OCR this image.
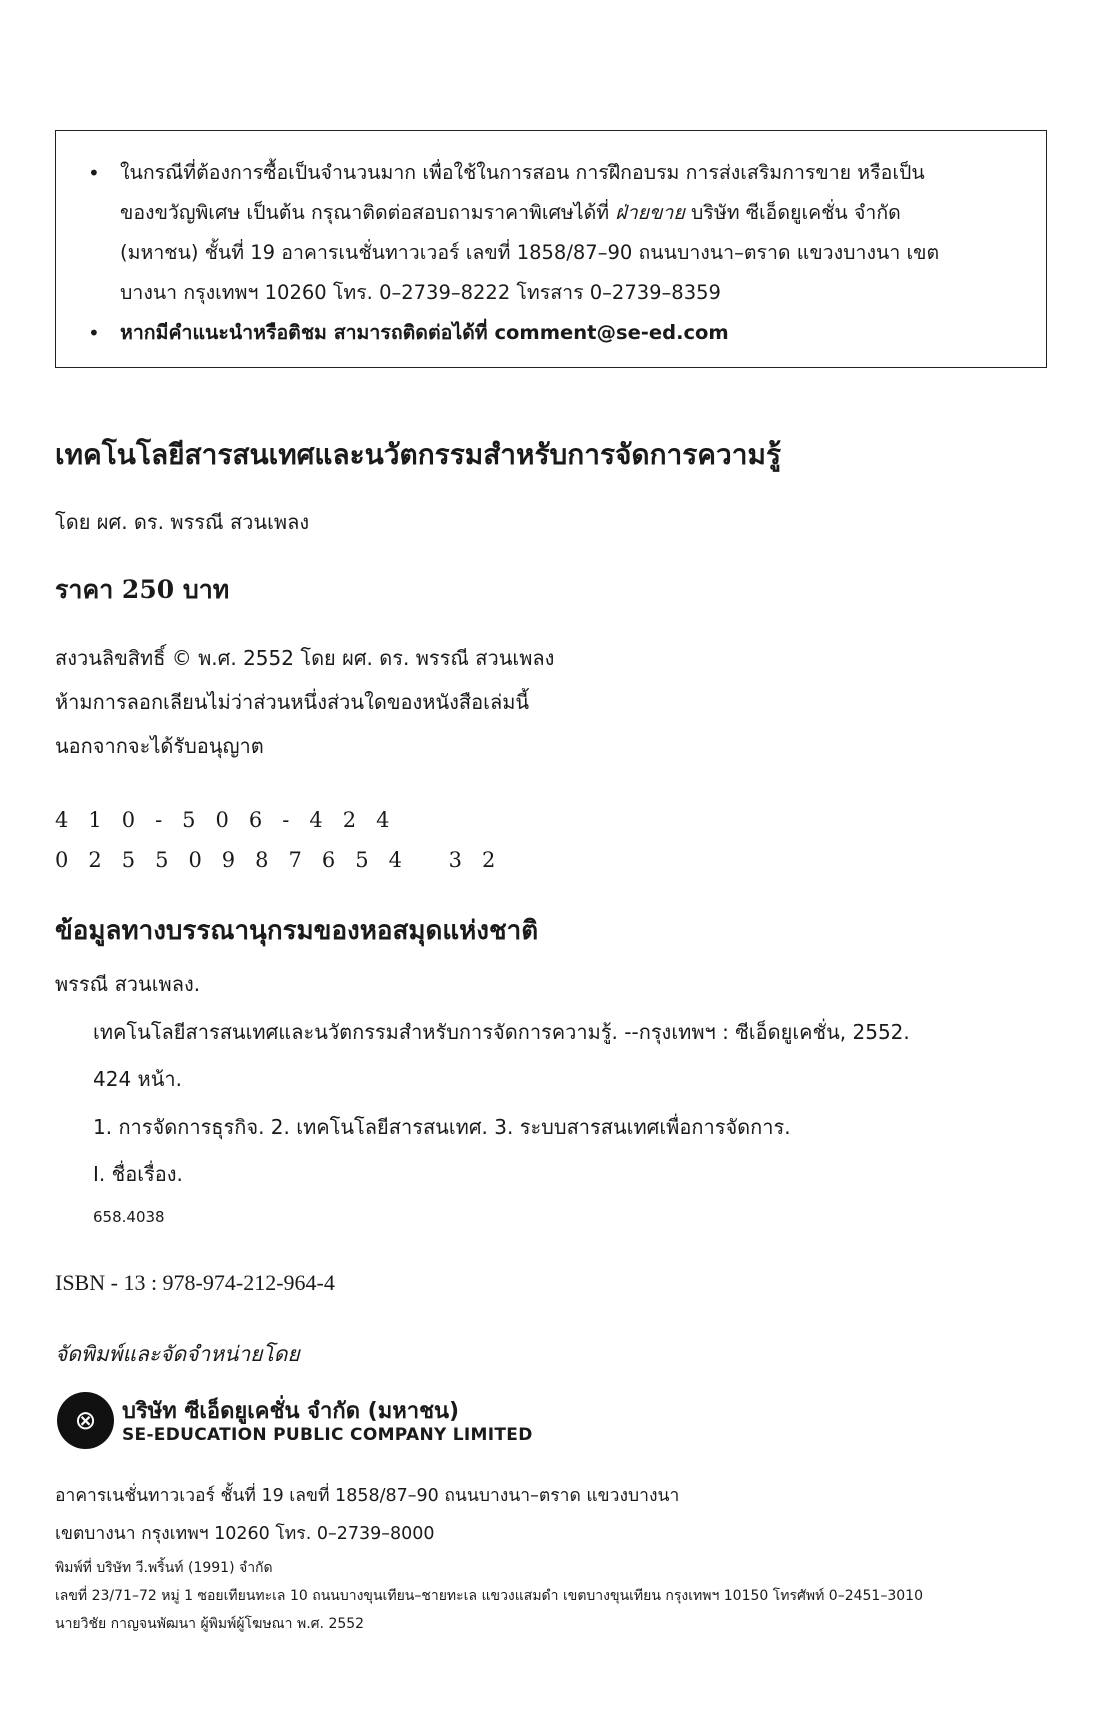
• ในกรณีที่ต้องการซื้อเป็นจำนวนมาก เพื่อใช้ในการสอน การฝึกอบรม การส่งเสริมการขาย หรือเป็น
ของขวัญพิเศษ เป็นต้น กรุณาติดต่อสอบถามราคาพิเศษได้ที่ ฝ่ายขาย บริษัท ซีเอ็ดยูเคชั่น จำกัด
(มหาชน) ชั้นที่ 19 อาคารเนชั่นทาวเวอร์ เลขที่ 1858/87–90 ถนนบางนา–ตราด แขวงบางนา เขต
บางนา กรุงเทพฯ 10260 โทร. 0–2739–8222 โทรสาร 0–2739–8359
• หากมีคำแนะนำหรือติชม สามารถติดต่อได้ที่ comment@se-ed.com
เทคโนโลยีสารสนเทศและนวัตกรรมสำหรับการจัดการความรู้
โดย ผศ. ดร. พรรณี สวนเพลง
ราคา 250 บาท
สงวนลิขสิทธิ์ © พ.ศ. 2552 โดย ผศ. ดร. พรรณี สวนเพลง
ห้ามการลอกเลียนไม่ว่าส่วนหนึ่งส่วนใดของหนังสือเล่มนี้
นอกจากจะได้รับอนุญาต
410-506-424
02550987654 32
ข้อมูลทางบรรณานุกรมของหอสมุดแห่งชาติ
พรรณี สวนเพลง.
เทคโนโลยีสารสนเทศและนวัตกรรมสำหรับการจัดการความรู้. --กรุงเทพฯ : ซีเอ็ดยูเคชั่น, 2552.
424 หน้า.
1. การจัดการธุรกิจ. 2. เทคโนโลยีสารสนเทศ. 3. ระบบสารสนเทศเพื่อการจัดการ.
I. ชื่อเรื่อง.
658.4038
ISBN - 13 : 978-974-212-964-4
จัดพิมพ์และจัดจำหน่ายโดย
⊗	บริษัท ซีเอ็ดยูเคชั่น จำกัด (มหาชน)
SE-EDUCATION PUBLIC COMPANY LIMITED
อาคารเนชั่นทาวเวอร์ ชั้นที่ 19 เลขที่ 1858/87–90 ถนนบางนา–ตราด แขวงบางนา
เขตบางนา กรุงเทพฯ 10260 โทร. 0–2739–8000
พิมพ์ที่ บริษัท วี.พริ้นท์ (1991) จำกัด
เลขที่ 23/71–72 หมู่ 1 ซอยเทียนทะเล 10 ถนนบางขุนเทียน–ชายทะเล แขวงแสมดำ เขตบางขุนเทียน กรุงเทพฯ 10150 โทรศัพท์ 0–2451–3010
นายวิชัย กาญจนพัฒนา ผู้พิมพ์ผู้โฆษณา พ.ศ. 2552
